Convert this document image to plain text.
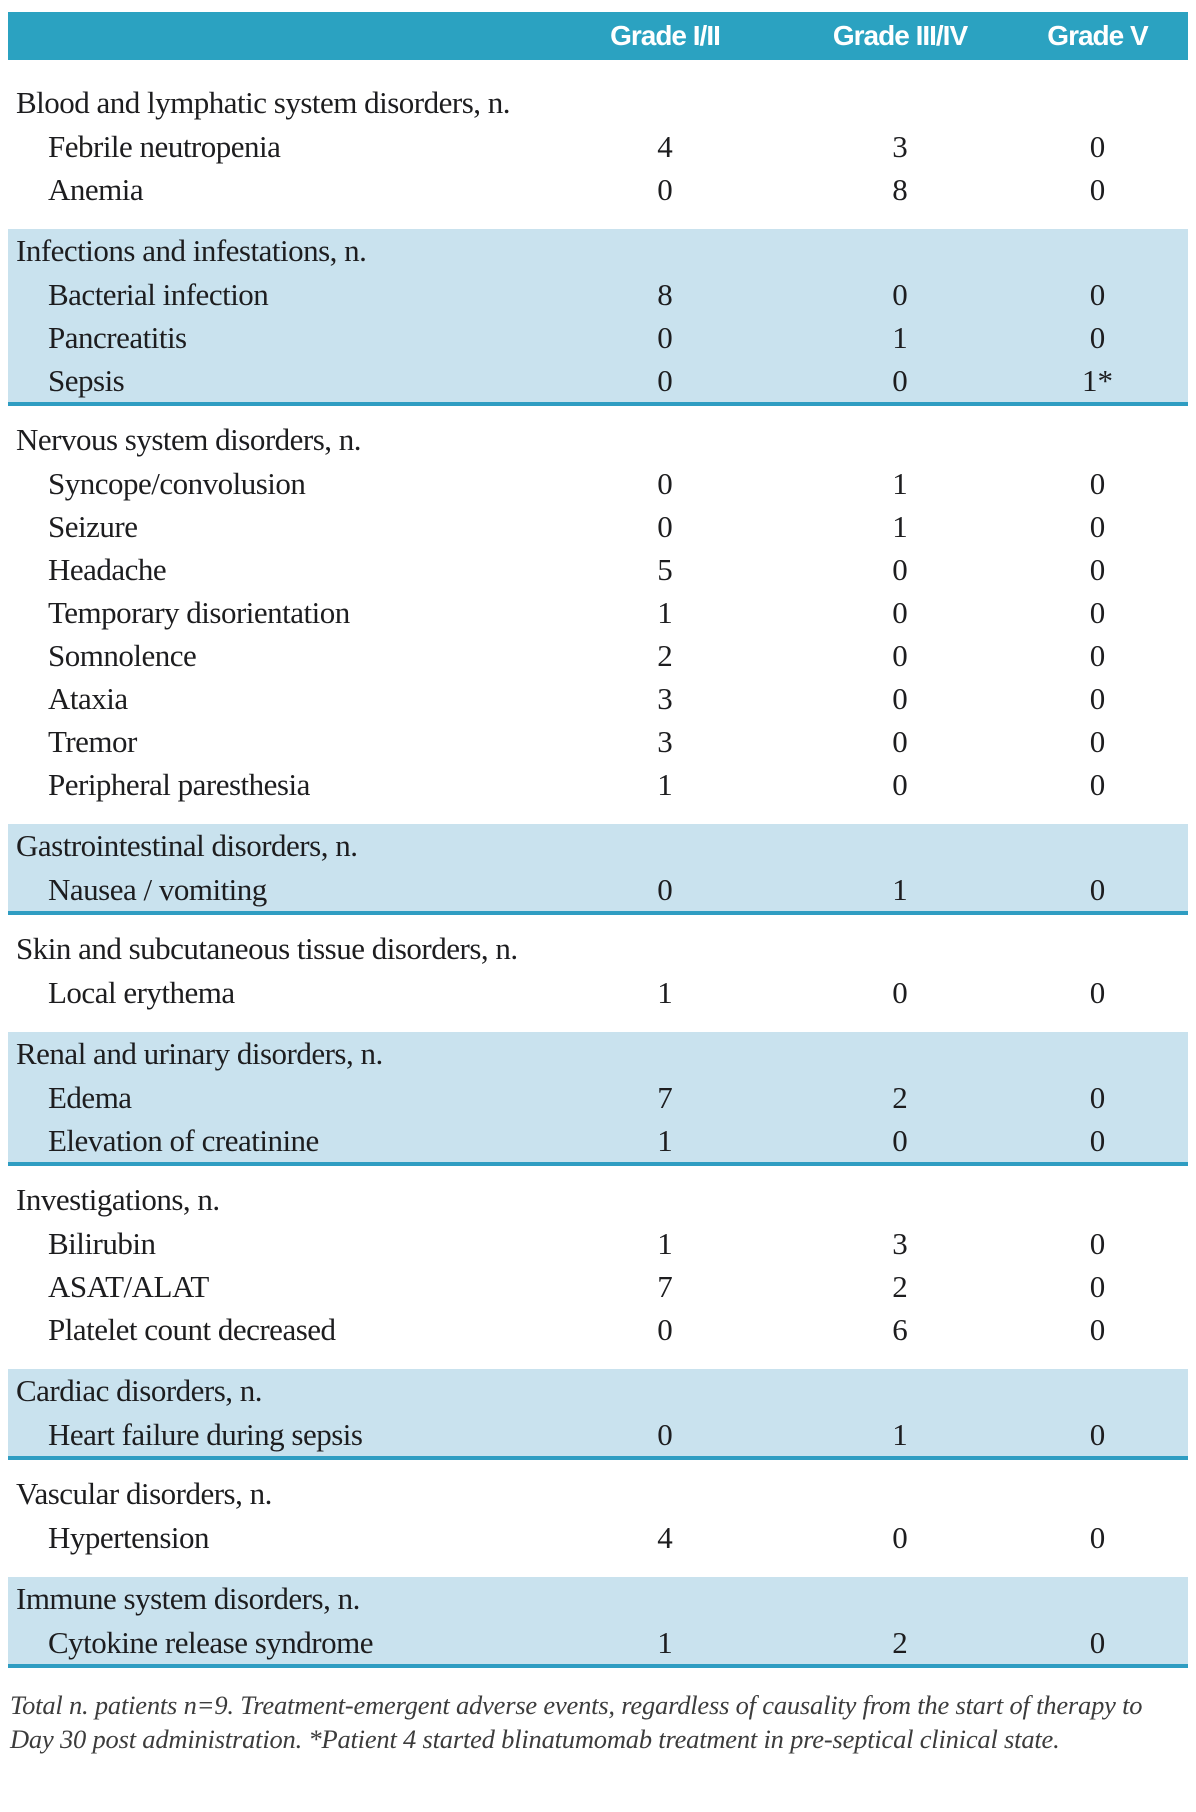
Grade I/II	Grade III/IV	Grade V
Blood and lymphatic system disorders, n.
Febrile neutropenia	4	3	0
Anemia	0	8	0
Infections and infestations, n.
Bacterial infection	8	0	0
Pancreatitis	0	1	0
Sepsis	0	0	1*
Nervous system disorders, n.
Syncope/convolusion	0	1	0
Seizure	0	1	0
Headache	5	0	0
Temporary disorientation	1	0	0
Somnolence	2	0	0
Ataxia	3	0	0
Tremor	3	0	0
Peripheral paresthesia	1	0	0
Gastrointestinal disorders, n.
Nausea / vomiting	0	1	0
Skin and subcutaneous tissue disorders, n.
Local erythema	1	0	0
Renal and urinary disorders, n.
Edema	7	2	0
Elevation of creatinine	1	0	0
Investigations, n.
Bilirubin	1	3	0
ASAT/ALAT	7	2	0
Platelet count decreased	0	6	0
Cardiac disorders, n.
Heart failure during sepsis	0	1	0
Vascular disorders, n.
Hypertension	4	0	0
Immune system disorders, n.
Cytokine release syndrome	1	2	0
Total n. patients n=9. Treatment-emergent adverse events, regardless of causality from the start of therapy to Day 30 post administration. *Patient 4 started blinatumomab treatment in pre-septical clinical state.
